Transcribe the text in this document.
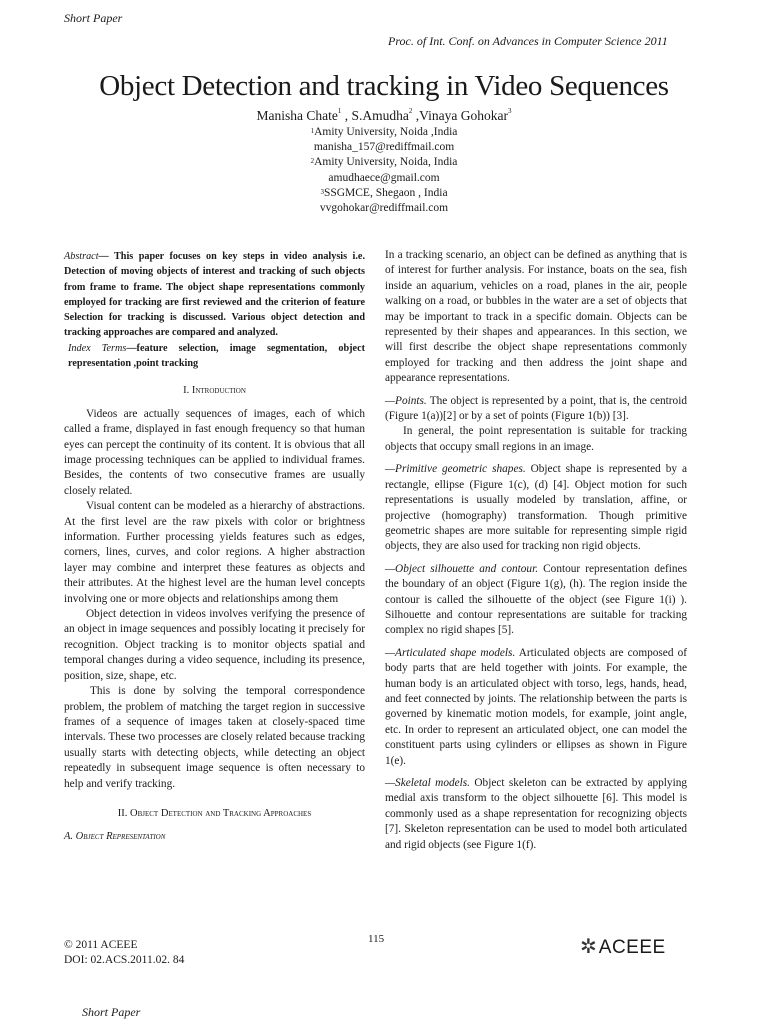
Short Paper
Proc. of Int. Conf. on Advances in Computer Science 2011
Object Detection and tracking in Video Sequences
Manisha Chate$^1$ , S.Amudha$^2$ ,Vinaya Gohokar$^3$
$^1$Amity University, Noida ,India
manisha_157@rediffmail.com
$^2$Amity University, Noida, India
amudhaece@gmail.com
$^3$SSGMCE, Shegaon , India
vvgohokar@rediffmail.com

Abstract— This paper focuses on key steps in video analysis i.e. Detection of moving objects of interest and tracking of such objects from frame to frame. The object shape representations commonly employed for tracking are first reviewed and the criterion of feature Selection for tracking is discussed. Various object detection and tracking approaches are compared and analyzed.

Index Terms—feature selection, image segmentation, object representation ,point tracking

I. Introduction

Videos are actually sequences of images, each of which called a frame, displayed in fast enough frequency so that human eyes can percept the continuity of its content. It is obvious that all image processing techniques can be applied to individual frames. Besides, the contents of two consecutive frames are usually closely related.

Visual content can be modeled as a hierarchy of abstractions. At the first level are the raw pixels with color or brightness information. Further processing yields features such as edges, corners, lines, curves, and color regions. A higher abstraction layer may combine and interpret these features as objects and their attributes. At the highest level are the human level concepts involving one or more objects and relationships among them

Object detection in videos involves verifying the presence of an object in image sequences and possibly locating it precisely for recognition. Object tracking is to monitor objects spatial and temporal changes during a video sequence, including its presence, position, size, shape, etc.

This is done by solving the temporal correspondence problem, the problem of matching the target region in successive frames of a sequence of images taken at closely-spaced time intervals. These two processes are closely related because tracking usually starts with detecting objects, while detecting an object repeatedly in subsequent image sequence is often necessary to help and verify tracking.

II. Object Detection and Tracking Approaches

A. Object Representation

In a tracking scenario, an object can be defined as anything that is of interest for further analysis. For instance, boats on the sea, fish inside an aquarium, vehicles on a road, planes in the air, people walking on a road, or bubbles in the water are a set of objects that may be important to track in a specific domain. Objects can be represented by their shapes and appearances. In this section, we will first describe the object shape representations commonly employed for tracking and then address the joint shape and appearance representations.

—Points. The object is represented by a point, that is, the centroid (Figure 1(a))[2] or by a set of points (Figure 1(b)) [3].

In general, the point representation is suitable for tracking objects that occupy small regions in an image.

—Primitive geometric shapes. Object shape is represented by a rectangle, ellipse (Figure 1(c), (d) [4]. Object motion for such representations is usually modeled by translation, affine, or projective (homography) transformation. Though primitive geometric shapes are more suitable for representing simple rigid objects, they are also used for tracking non rigid objects.

—Object silhouette and contour. Contour representation defines the boundary of an object (Figure 1(g), (h). The region inside the contour is called the silhouette of the object (see Figure 1(i) ). Silhouette and contour representations are suitable for tracking complex no rigid shapes [5].

—Articulated shape models. Articulated objects are composed of body parts that are held together with joints. For example, the human body is an articulated object with torso, legs, hands, head, and feet connected by joints. The relationship between the parts is governed by kinematic motion models, for example, joint angle, etc. In order to represent an articulated object, one can model the constituent parts using cylinders or ellipses as shown in Figure 1(e).

—Skeletal models. Object skeleton can be extracted by applying medial axis transform to the object silhouette [6]. This model is commonly used as a shape representation for recognizing objects [7]. Skeleton representation can be used to model both articulated and rigid objects (see Figure 1(f).

© 2011 ACEEE
DOI: 02.ACS.2011.02. 84
115	✲ ACEEE
Short Paper
